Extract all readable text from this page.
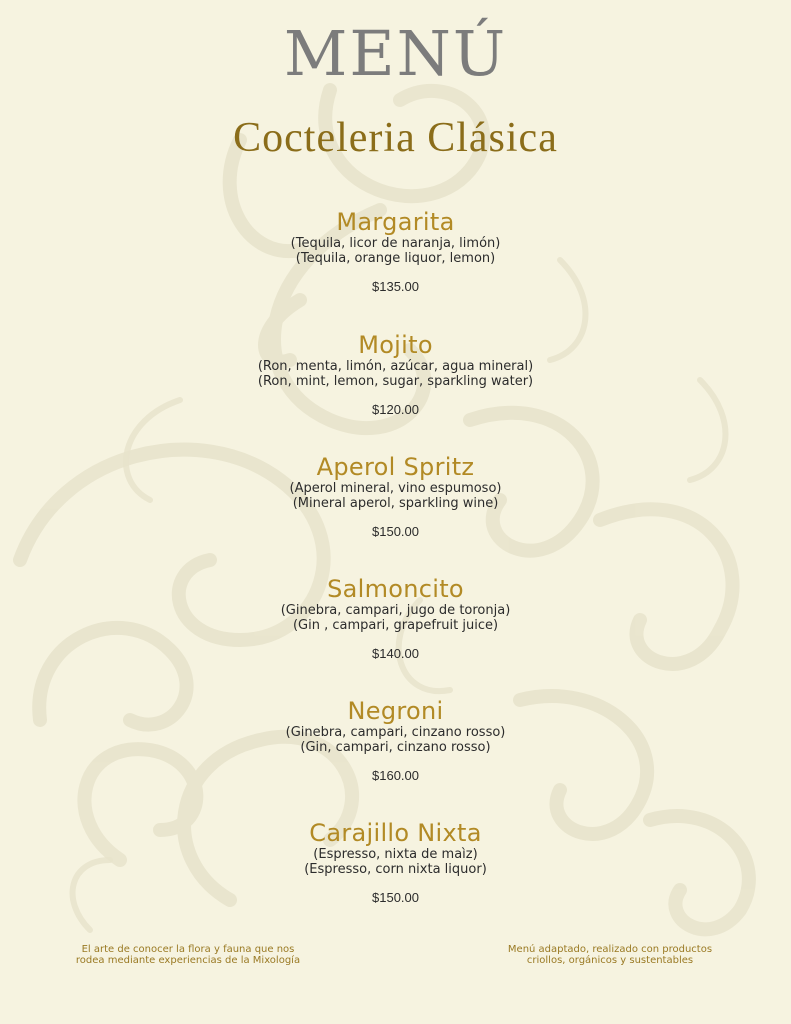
MENÚ
Cocteleria Clásica
Margarita
(Tequila, licor de naranja, limón)
(Tequila, orange liquor, lemon)
$135.00
Mojito
(Ron, menta, limón, azúcar, agua mineral)
(Ron, mint, lemon, sugar, sparkling water)
$120.00
Aperol Spritz
(Aperol mineral, vino espumoso)
(Mineral aperol, sparkling wine)
$150.00
Salmoncito
(Ginebra, campari, jugo de toronja)
(Gin , campari, grapefruit juice)
$140.00
Negroni
(Ginebra, campari, cinzano rosso)
(Gin, campari, cinzano rosso)
$160.00
Carajillo Nixta
(Espresso, nixta de maìz)
(Espresso, corn nixta liquor)
$150.00
El arte de conocer la flora y fauna que nos
rodea mediante experiencias de la Mixología
Menú adaptado, realizado con productos
criollos, orgánicos y sustentables
